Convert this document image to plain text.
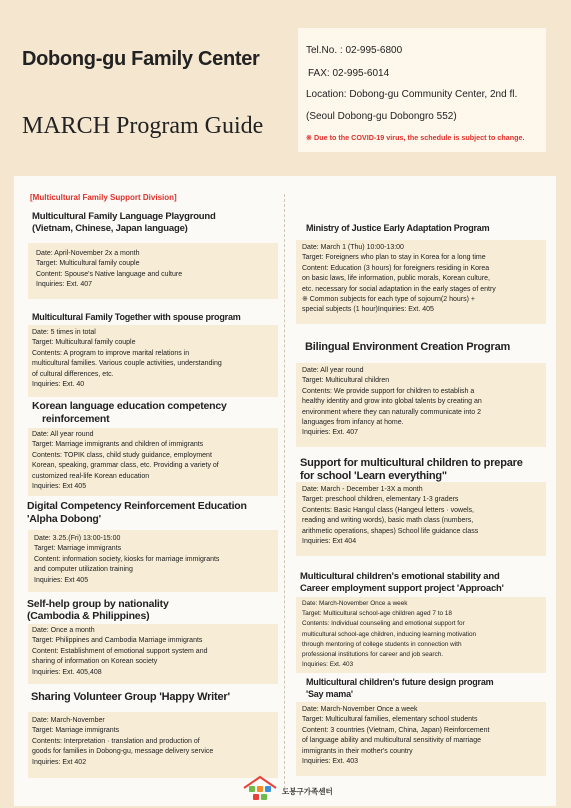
Dobong-gu Family Center
MARCH Program Guide
Tel.No. : 02-995-6800
FAX: 02-995-6014
Location: Dobong-gu Community Center, 2nd fl.
(Seoul Dobong-gu Dobongro 552)
※ Due to the COVID-19 virus, the schedule is subject to change.
[Multicultural Family Support Division]
Multicultural Family Language Playground
(Vietnam, Chinese, Japan language)
Date: April-November 2x a month
Target: Multicultural family couple
Content: Spouse's Native language and culture
Inquiries: Ext. 407
Multicultural Family Together with spouse program
Date: 5 times in total
Target: Multicultural family couple
Contents: A program to improve marital relations in
multicultural families. Various couple activities, understanding
of cultural differences, etc.
Inquiries: Ext. 40
Korean language education competency
reinforcement
Date: All year round
Target: Marriage immigrants and children of immigrants
Contents: TOPIK class, child study guidance, employment
Korean, speaking, grammar class, etc. Providing a variety of
customized real-life Korean education
Inquiries: Ext 405
Digital Competency Reinforcement Education
'Alpha Dobong'
Date: 3.25.(Fri) 13:00-15:00
Target: Marriage immigrants
Content: information society, kiosks for marriage immigrants
and computer utilization training
Inquiries: Ext 405
Self-help group by nationality
(Cambodia & Philippines)
Date: Once a month
Target: Philippines and Cambodia Marriage immigrants
Content: Establishment of emotional support system and
sharing of information on Korean society
Inquiries: Ext. 405,408
Sharing Volunteer Group 'Happy Writer'
Date: March-November
Target: Marriage immigrants
Contents: Interpretation · translation and production of
goods for families in Dobong-gu, message delivery service
Inquiries: Ext 402
Ministry of Justice Early Adaptation Program
Date: March 1 (Thu) 10:00-13:00
Target: Foreigners who plan to stay in Korea for a long time
Content: Education (3 hours) for foreigners residing in Korea
on basic laws, life information, public morals, Korean culture,
etc. necessary for social adaptation in the early stages of entry
※ Common subjects for each type of sojourn(2 hours) +
special subjects (1 hour)Inquiries: Ext. 405
Bilingual Environment Creation Program
Date: All year round
Target: Multicultural children
Contents: We provide support for children to establish a
healthy identity and grow into global talents by creating an
environment where they can naturally communicate into 2
languages from infancy at home.
Inquiries: Ext. 407
Support for multicultural children to prepare
for school 'Learn everything"
Date: March - December 1-3X a month
Target: preschool children, elementary 1-3 graders
Contents: Basic Hangul class (Hangeul letters · vowels,
reading and writing words), basic math class (numbers,
arithmetic operations, shapes) School life guidance class
Inquiries: Ext 404
Multicultural children's emotional stability and
Career employment support project 'Approach'
Date: March-November Once a week
Target: Multicultural school-age children aged 7 to 18
Contents: Individual counseling and emotional support for
multicultural school-age children, inducing learning motivation
through mentoring of college students in connection with
professional institutions for career and job search.
Inquiries: Ext. 403
Multicultural children's future design program
'Say mama'
Date: March-November Once a week
Target: Multicultural families, elementary school students
Content: 3 countries (Vietnam, China, Japan) Reinforcement
of language ability and multicultural sensitivity of marriage
immigrants in their mother's country
Inquiries: Ext. 403
도봉구가족센터
